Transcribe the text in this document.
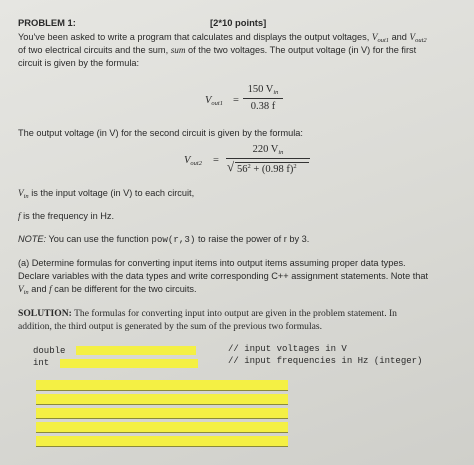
PROBLEM 1:	[2*10 points]
You've been asked to write a program that calculates and displays the output voltages, $V_{out1}$ and $V_{out2}$
of two electrical circuits and the sum, sum of the two voltages. The output voltage (in V) for the first
circuit is given by the formula:
$V_{out1}$ =
150 $V_{in}$
0.38 f
The output voltage (in V) for the second circuit is given by the formula:
$V_{out2}$ =
220 $V_{in}$
√ $56^2 + (0.98$ f)$^2$
$V_{in}$ is the input voltage (in V) to each circuit,
f is the frequency in Hz.
NOTE: You can use the function pow(r,3) to raise the power of r by 3.
(a) Determine formulas for converting input items into output items assuming proper data types.
Declare variables with the data types and write corresponding C++ assignment statements. Note that
$V_{in}$ and f can be different for the two circuits.
SOLUTION: The formulas for converting input into output are given in the problem statement. In
addition, the third output is generated by the sum of the previous two formulas.
double	// input voltages in V
int	// input frequencies in Hz (integer)
